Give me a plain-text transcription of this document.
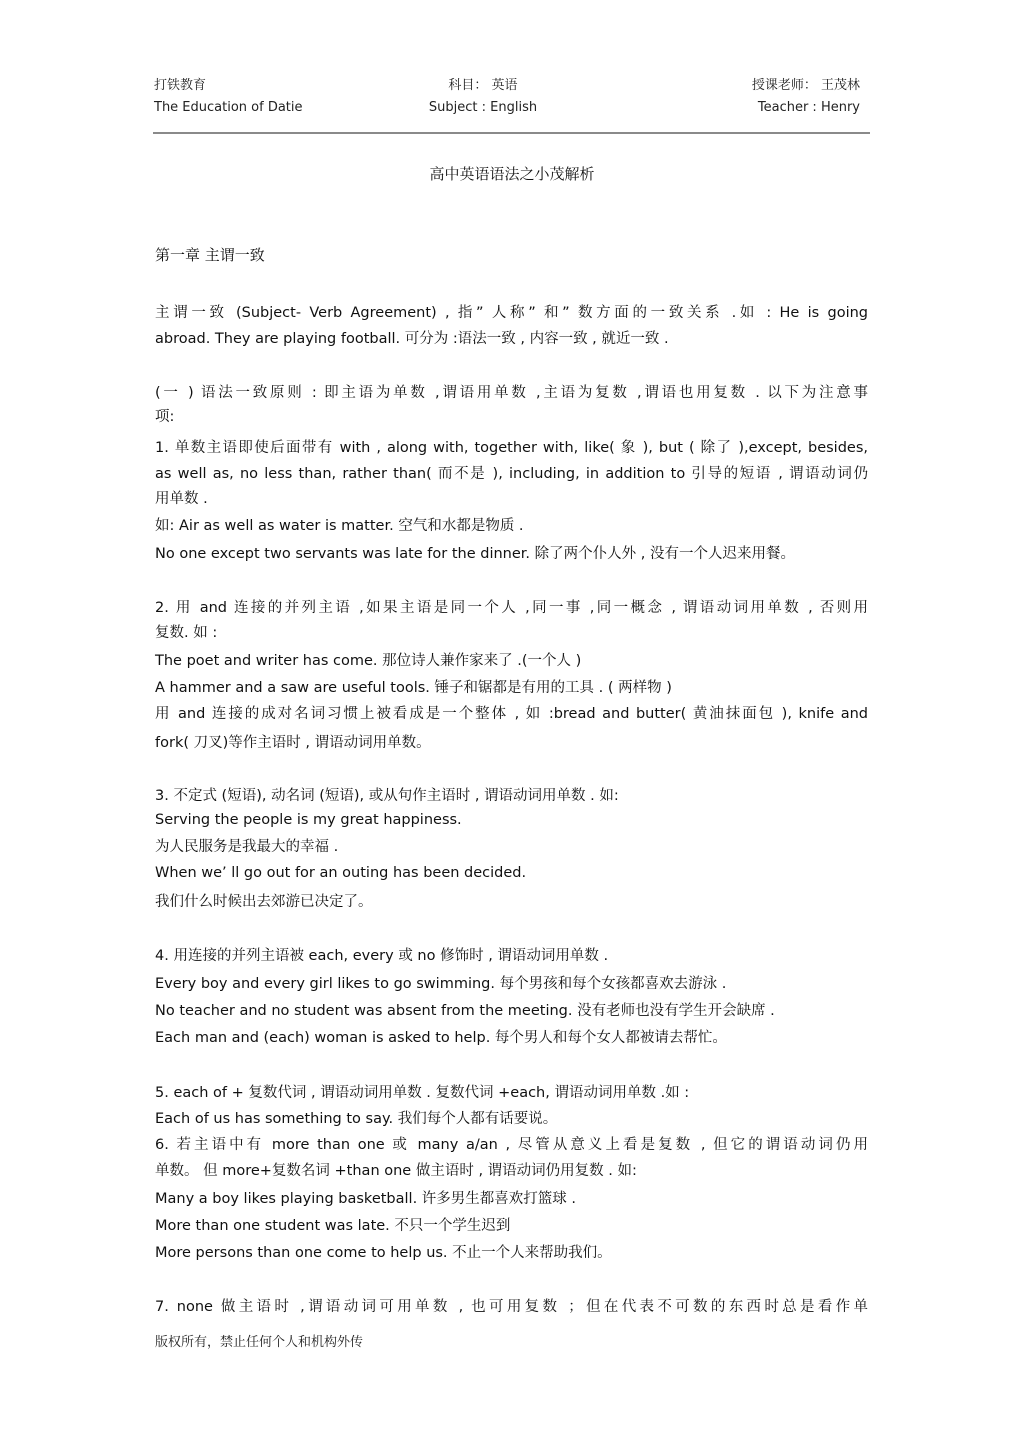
打铁教育
The Education of Datie
科目： 英语
Subject : English
授课老师： 王茂林
Teacher : Henry
高中英语语法之小茂解析
第一章 主谓一致
主谓一致 (Subject- Verb Agreement) , 指” 人称” 和” 数方面的一致关系 .如 : He is going
abroad. They are playing football. 可分为 :语法一致 , 内容一致 , 就近一致 .
(一 ) 语法一致原则 : 即主语为单数 ,谓语用单数 ,主语为复数 ,谓语也用复数 . 以下为注意事
项:
1. 单数主语即使后面带有 with , along with, together with, like( 象 ), but ( 除了 ),except, besides,
as well as, no less than, rather than( 而不是 ), including, in addition to 引导的短语 , 谓语动词仍
用单数 .
如: Air as well as water is matter. 空气和水都是物质 .
No one except two servants was late for the dinner. 除了两个仆人外 , 没有一个人迟来用餐。
2. 用 and 连接的并列主语 ,如果主语是同一个人 ,同一事 ,同一概念 , 谓语动词用单数 , 否则用
复数. 如 :
The poet and writer has come. 那位诗人兼作家来了 .(一个人 )
A hammer and a saw are useful tools. 锤子和锯都是有用的工具 . ( 两样物 )
用 and 连接的成对名词习惯上被看成是一个整体 , 如 :bread and butter( 黄油抹面包 ), knife and
fork( 刀叉)等作主语时 , 谓语动词用单数。
3. 不定式 (短语), 动名词 (短语), 或从句作主语时 , 谓语动词用单数 . 如:
Serving the people is my great happiness.
为人民服务是我最大的幸福 .
When we’ ll go out for an outing has been decided.
我们什么时候出去郊游已决定了。
4. 用连接的并列主语被 each, every 或 no 修饰时 , 谓语动词用单数 .
Every boy and every girl likes to go swimming. 每个男孩和每个女孩都喜欢去游泳 .
No teacher and no student was absent from the meeting. 没有老师也没有学生开会缺席 .
Each man and (each) woman is asked to help. 每个男人和每个女人都被请去帮忙。
5. each of + 复数代词 , 谓语动词用单数 . 复数代词 +each, 谓语动词用单数 .如 :
Each of us has something to say. 我们每个人都有话要说。
6. 若主语中有 more than one 或 many a/an , 尽管从意义上看是复数 , 但它的谓语动词仍用
单数。 但 more+复数名词 +than one 做主语时 , 谓语动词仍用复数 . 如:
Many a boy likes playing basketball. 许多男生都喜欢打篮球 .
More than one student was late. 不只一个学生迟到
More persons than one come to help us. 不止一个人来帮助我们。
7. none 做主语时 ,谓语动词可用单数 , 也可用复数 ；但在代表不可数的东西时总是看作单
版权所有，禁止任何个人和机构外传
